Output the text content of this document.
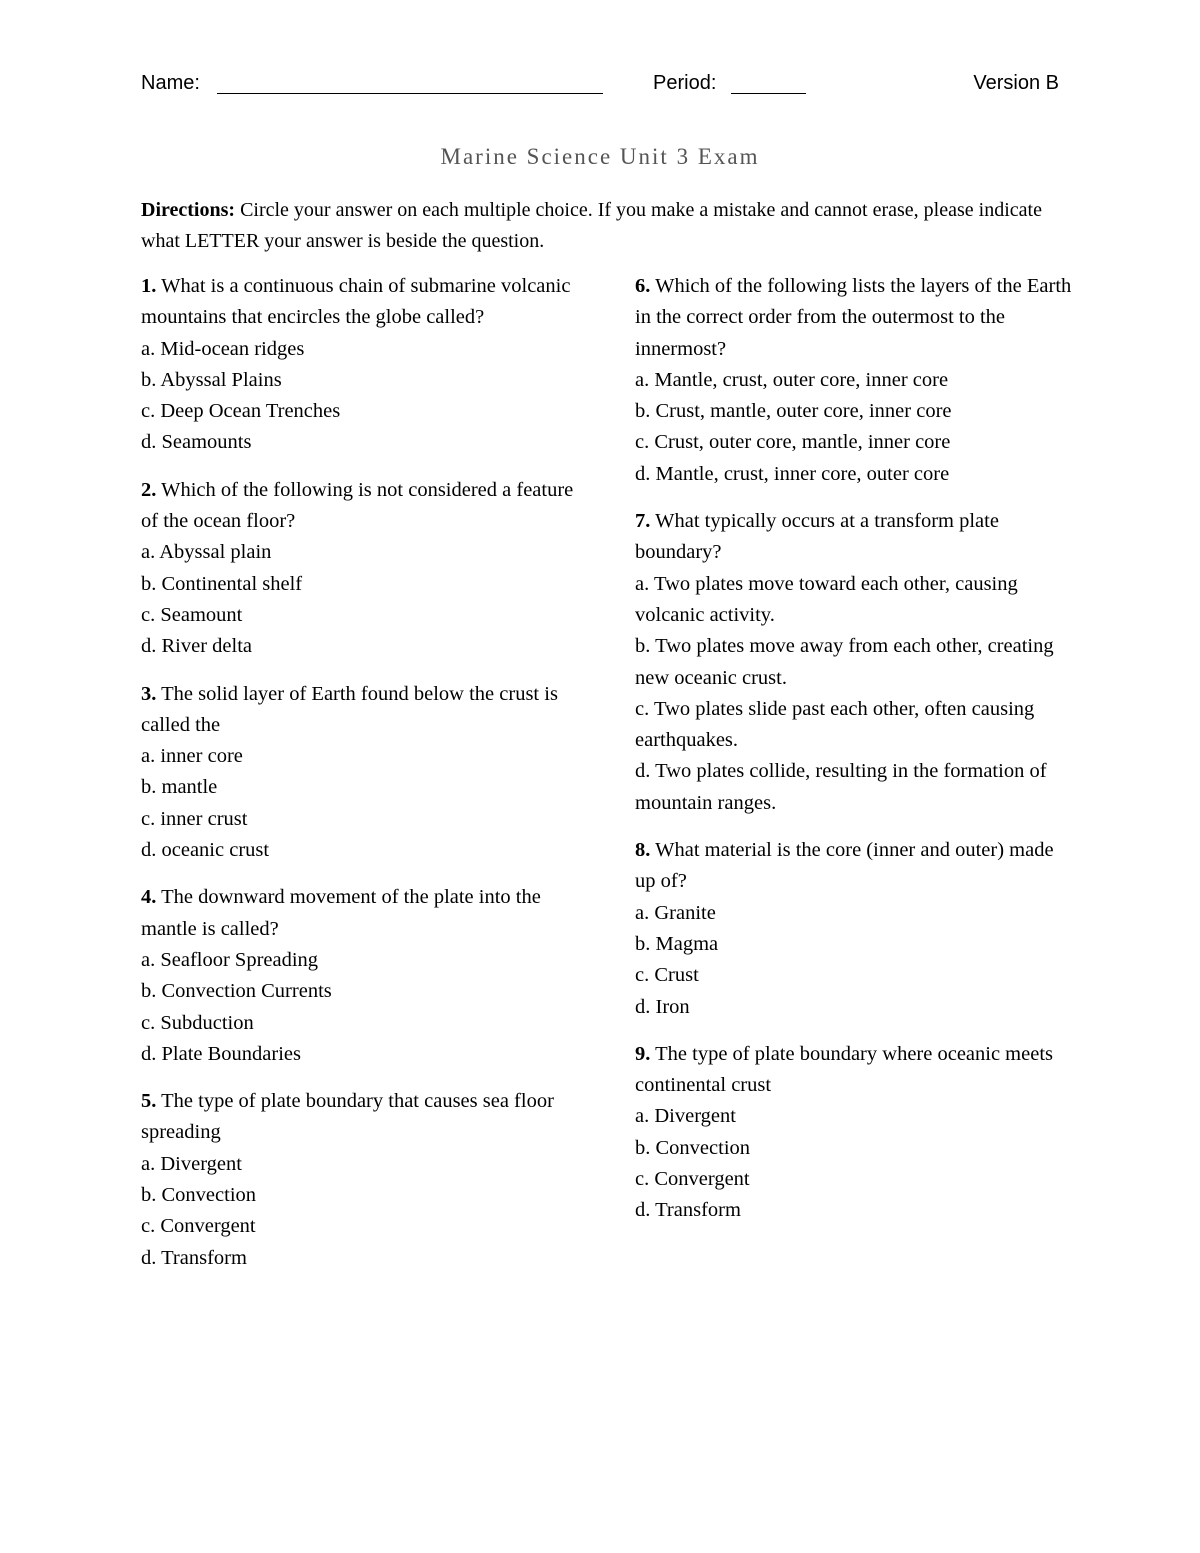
Name:	Period:	Version B
Marine Science Unit 3 Exam
Directions: Circle your answer on each multiple choice. If you make a mistake and cannot erase, please indicate what LETTER your answer is beside the question.
1. What is a continuous chain of submarine volcanic mountains that encircles the globe called?
a. Mid-ocean ridges
b. Abyssal Plains
c. Deep Ocean Trenches
d. Seamounts
2. Which of the following is not considered a feature of the ocean floor?
a. Abyssal plain
b. Continental shelf
c. Seamount
d. River delta
3. The solid layer of Earth found below the crust is called the
a. inner core
b. mantle
c. inner crust
d. oceanic crust
4. The downward movement of the plate into the mantle is called?
a. Seafloor Spreading
b. Convection Currents
c. Subduction
d. Plate Boundaries
5. The type of plate boundary that causes sea floor spreading
a. Divergent
b. Convection
c. Convergent
d. Transform
6. Which of the following lists the layers of the Earth in the correct order from the outermost to the innermost?
a. Mantle, crust, outer core, inner core
b. Crust, mantle, outer core, inner core
c. Crust, outer core, mantle, inner core
d. Mantle, crust, inner core, outer core
7. What typically occurs at a transform plate boundary?
a. Two plates move toward each other, causing volcanic activity.
b. Two plates move away from each other, creating new oceanic crust.
c. Two plates slide past each other, often causing earthquakes.
d. Two plates collide, resulting in the formation of mountain ranges.
8. What material is the core (inner and outer) made up of?
a. Granite
b. Magma
c. Crust
d. Iron
9. The type of plate boundary where oceanic meets continental crust
a. Divergent
b. Convection
c. Convergent
d. Transform
